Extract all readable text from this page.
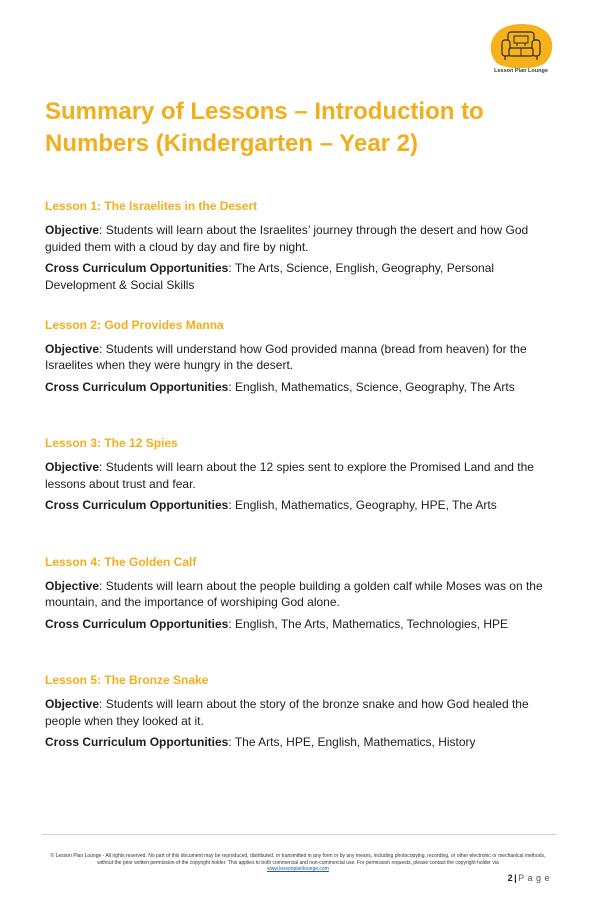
Lesson Plan Lounge
Summary of Lessons – Introduction to Numbers (Kindergarten – Year 2)

Lesson 1: The Israelites in the Desert

Objective: Students will learn about the Israelites’ journey through the desert and how God guided them with a cloud by day and fire by night.

Cross Curriculum Opportunities: The Arts, Science, English, Geography, Personal Development & Social Skills

Lesson 2: God Provides Manna

Objective: Students will understand how God provided manna (bread from heaven) for the Israelites when they were hungry in the desert.

Cross Curriculum Opportunities: English, Mathematics, Science, Geography, The Arts

Lesson 3: The 12 Spies

Objective: Students will learn about the 12 spies sent to explore the Promised Land and the lessons about trust and fear.

Cross Curriculum Opportunities: English, Mathematics, Geography, HPE, The Arts

Lesson 4: The Golden Calf

Objective: Students will learn about the people building a golden calf while Moses was on the mountain, and the importance of worshiping God alone.

Cross Curriculum Opportunities: English, The Arts, Mathematics, Technologies, HPE

Lesson 5: The Bronze Snake

Objective: Students will learn about the story of the bronze snake and how God healed the people when they looked at it.

Cross Curriculum Opportunities: The Arts, HPE, English, Mathematics, History

© Lesson Plan Lounge - All rights reserved. No part of this document may be reproduced, distributed, or transmitted in any form or by any means, including photocopying, recording, or other electronic or mechanical methods, without the prior written permission of the copyright holder. This applies to both commercial and non-commercial use. For permission requests, please contact the copyright holder via
www.lessonplanlounge.com
2|P a g e
